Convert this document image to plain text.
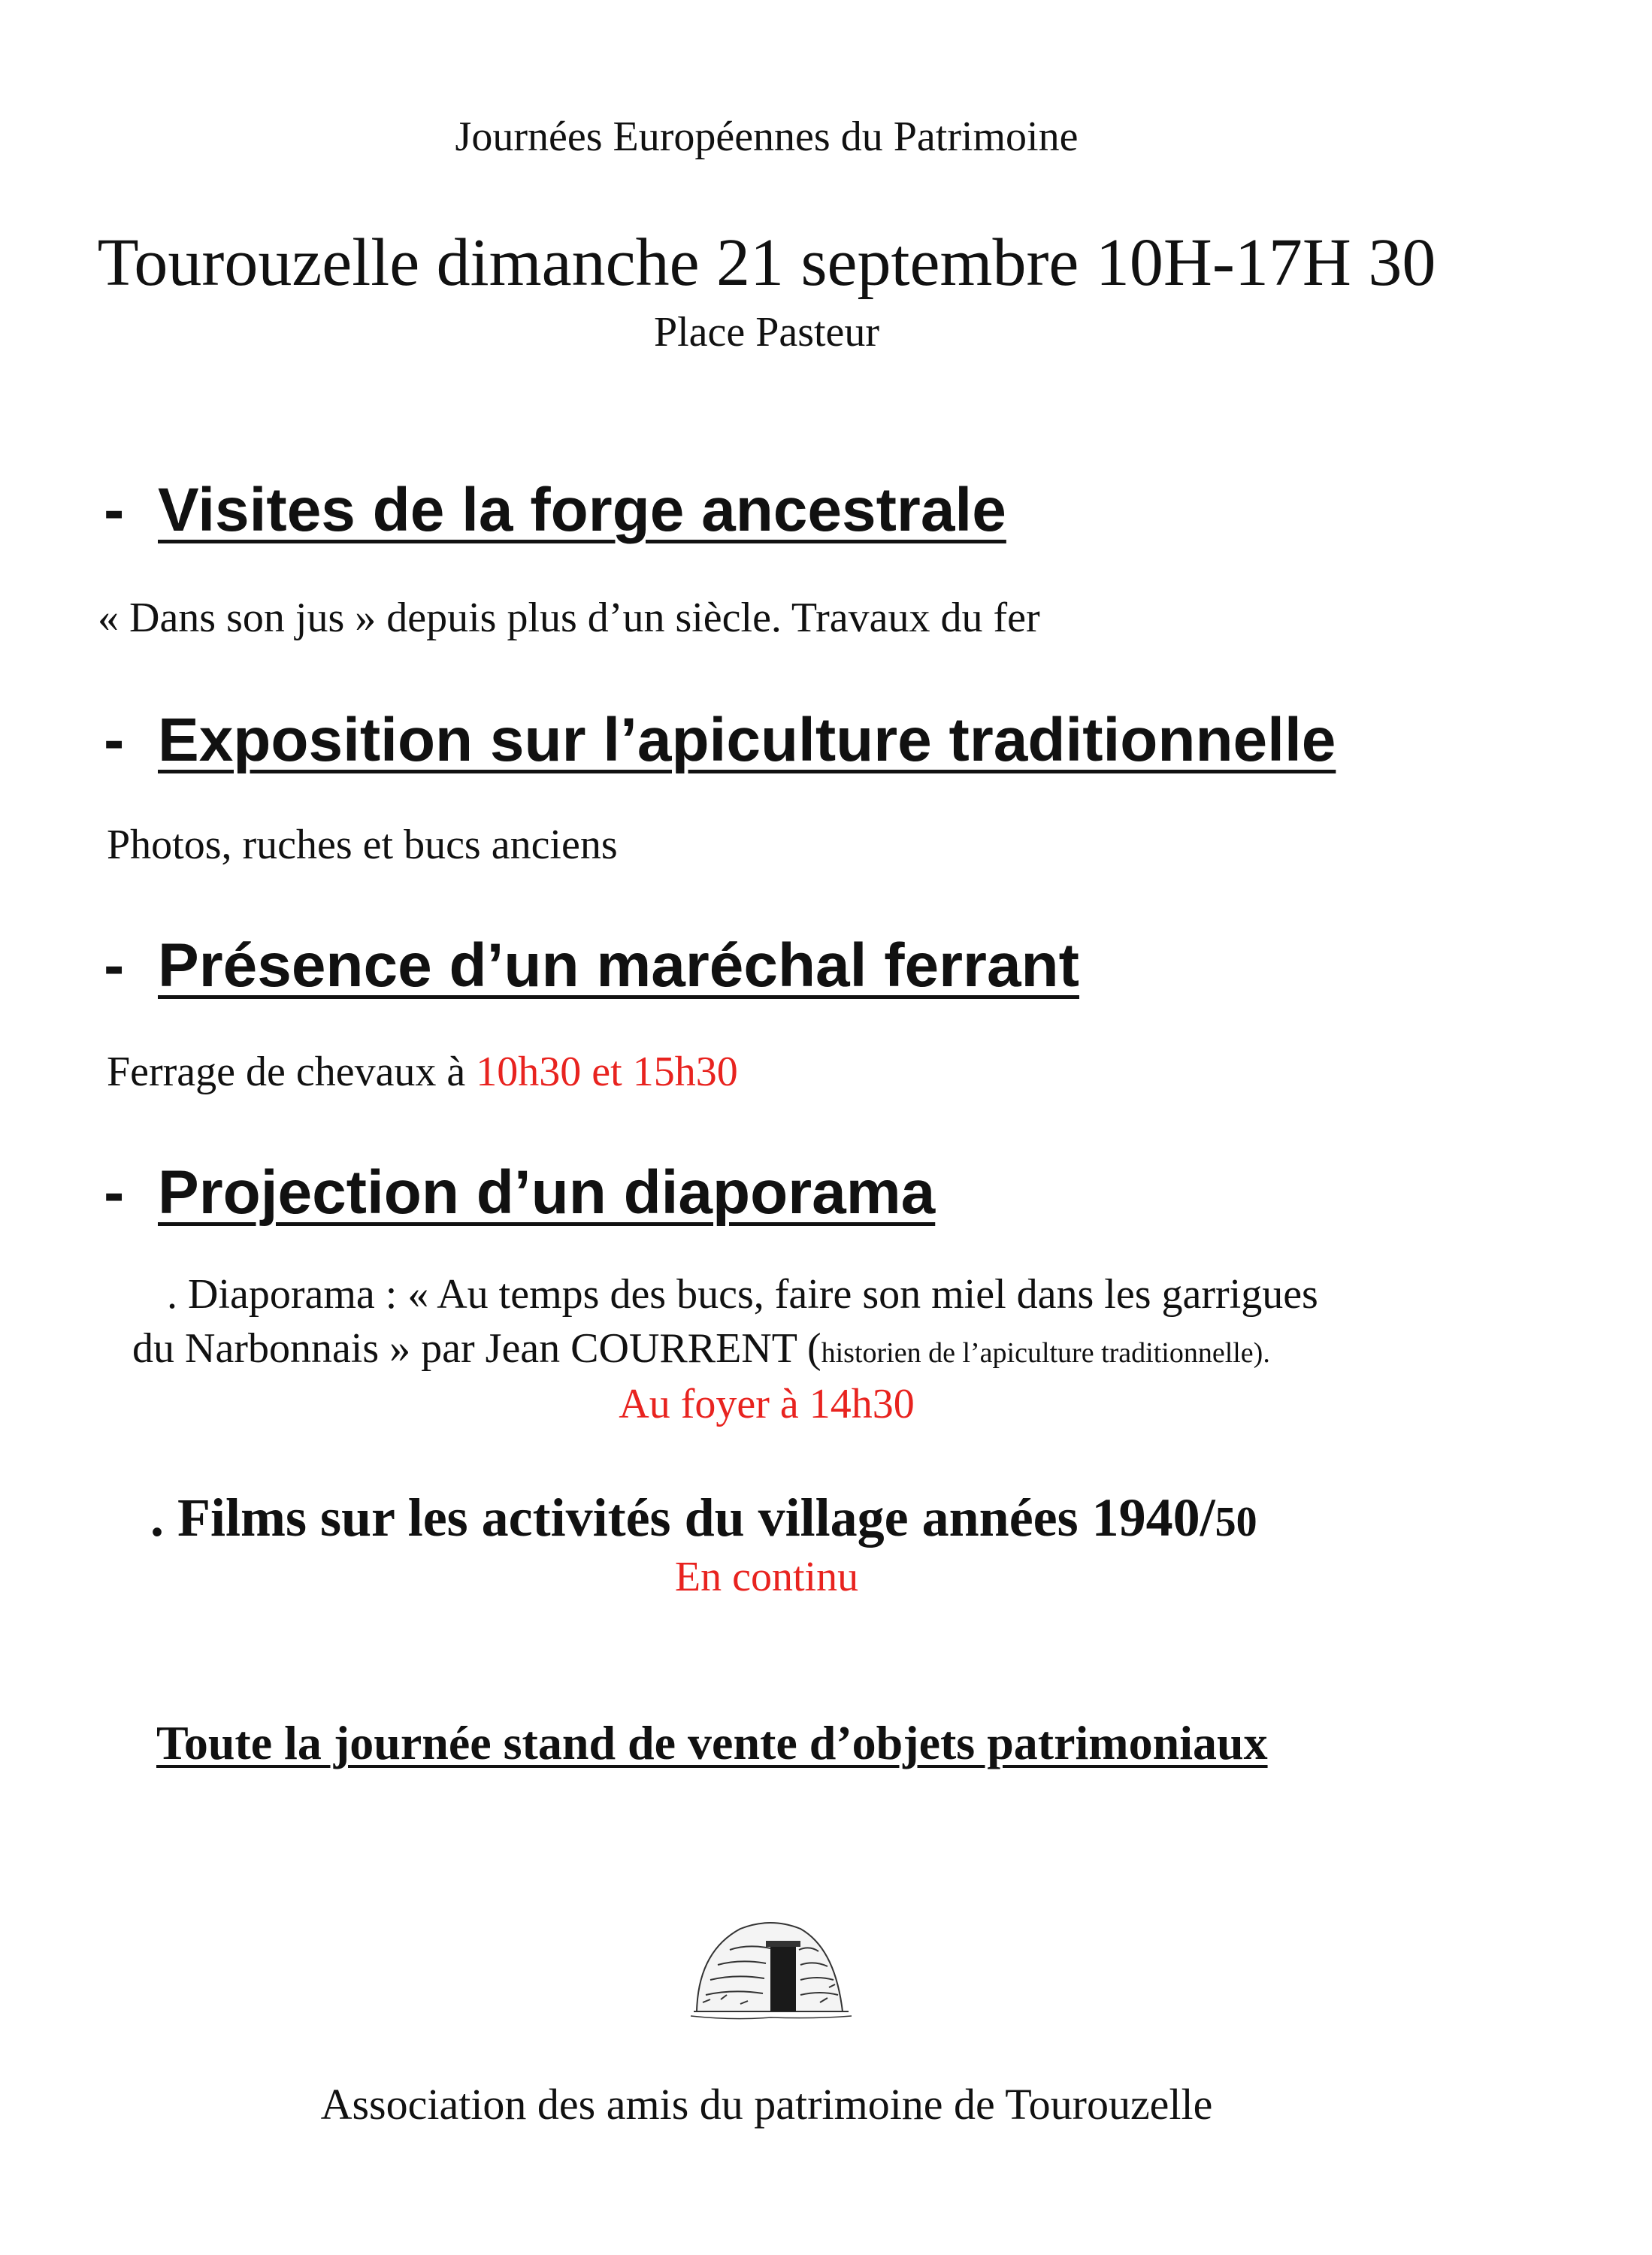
Journées Européennes du Patrimoine
Tourouzelle dimanche 21 septembre 10H-17H 30
Place Pasteur
- Visites de la forge ancestrale
« Dans son jus » depuis plus d’un siècle. Travaux du fer
- Exposition sur l’apiculture traditionnelle
Photos, ruches et bucs anciens
- Présence d’un maréchal ferrant
Ferrage de chevaux à 10h30 et 15h30
- Projection d’un diaporama
. Diaporama : « Au temps des bucs, faire son miel dans les garrigues
du Narbonnais » par Jean COURRENT (historien de l’apiculture traditionnelle).
Au foyer à 14h30
. Films sur les activités du village années 1940/50
En continu
Toute la journée stand de vente d’objets patrimoniaux
Association des amis du patrimoine de Tourouzelle
